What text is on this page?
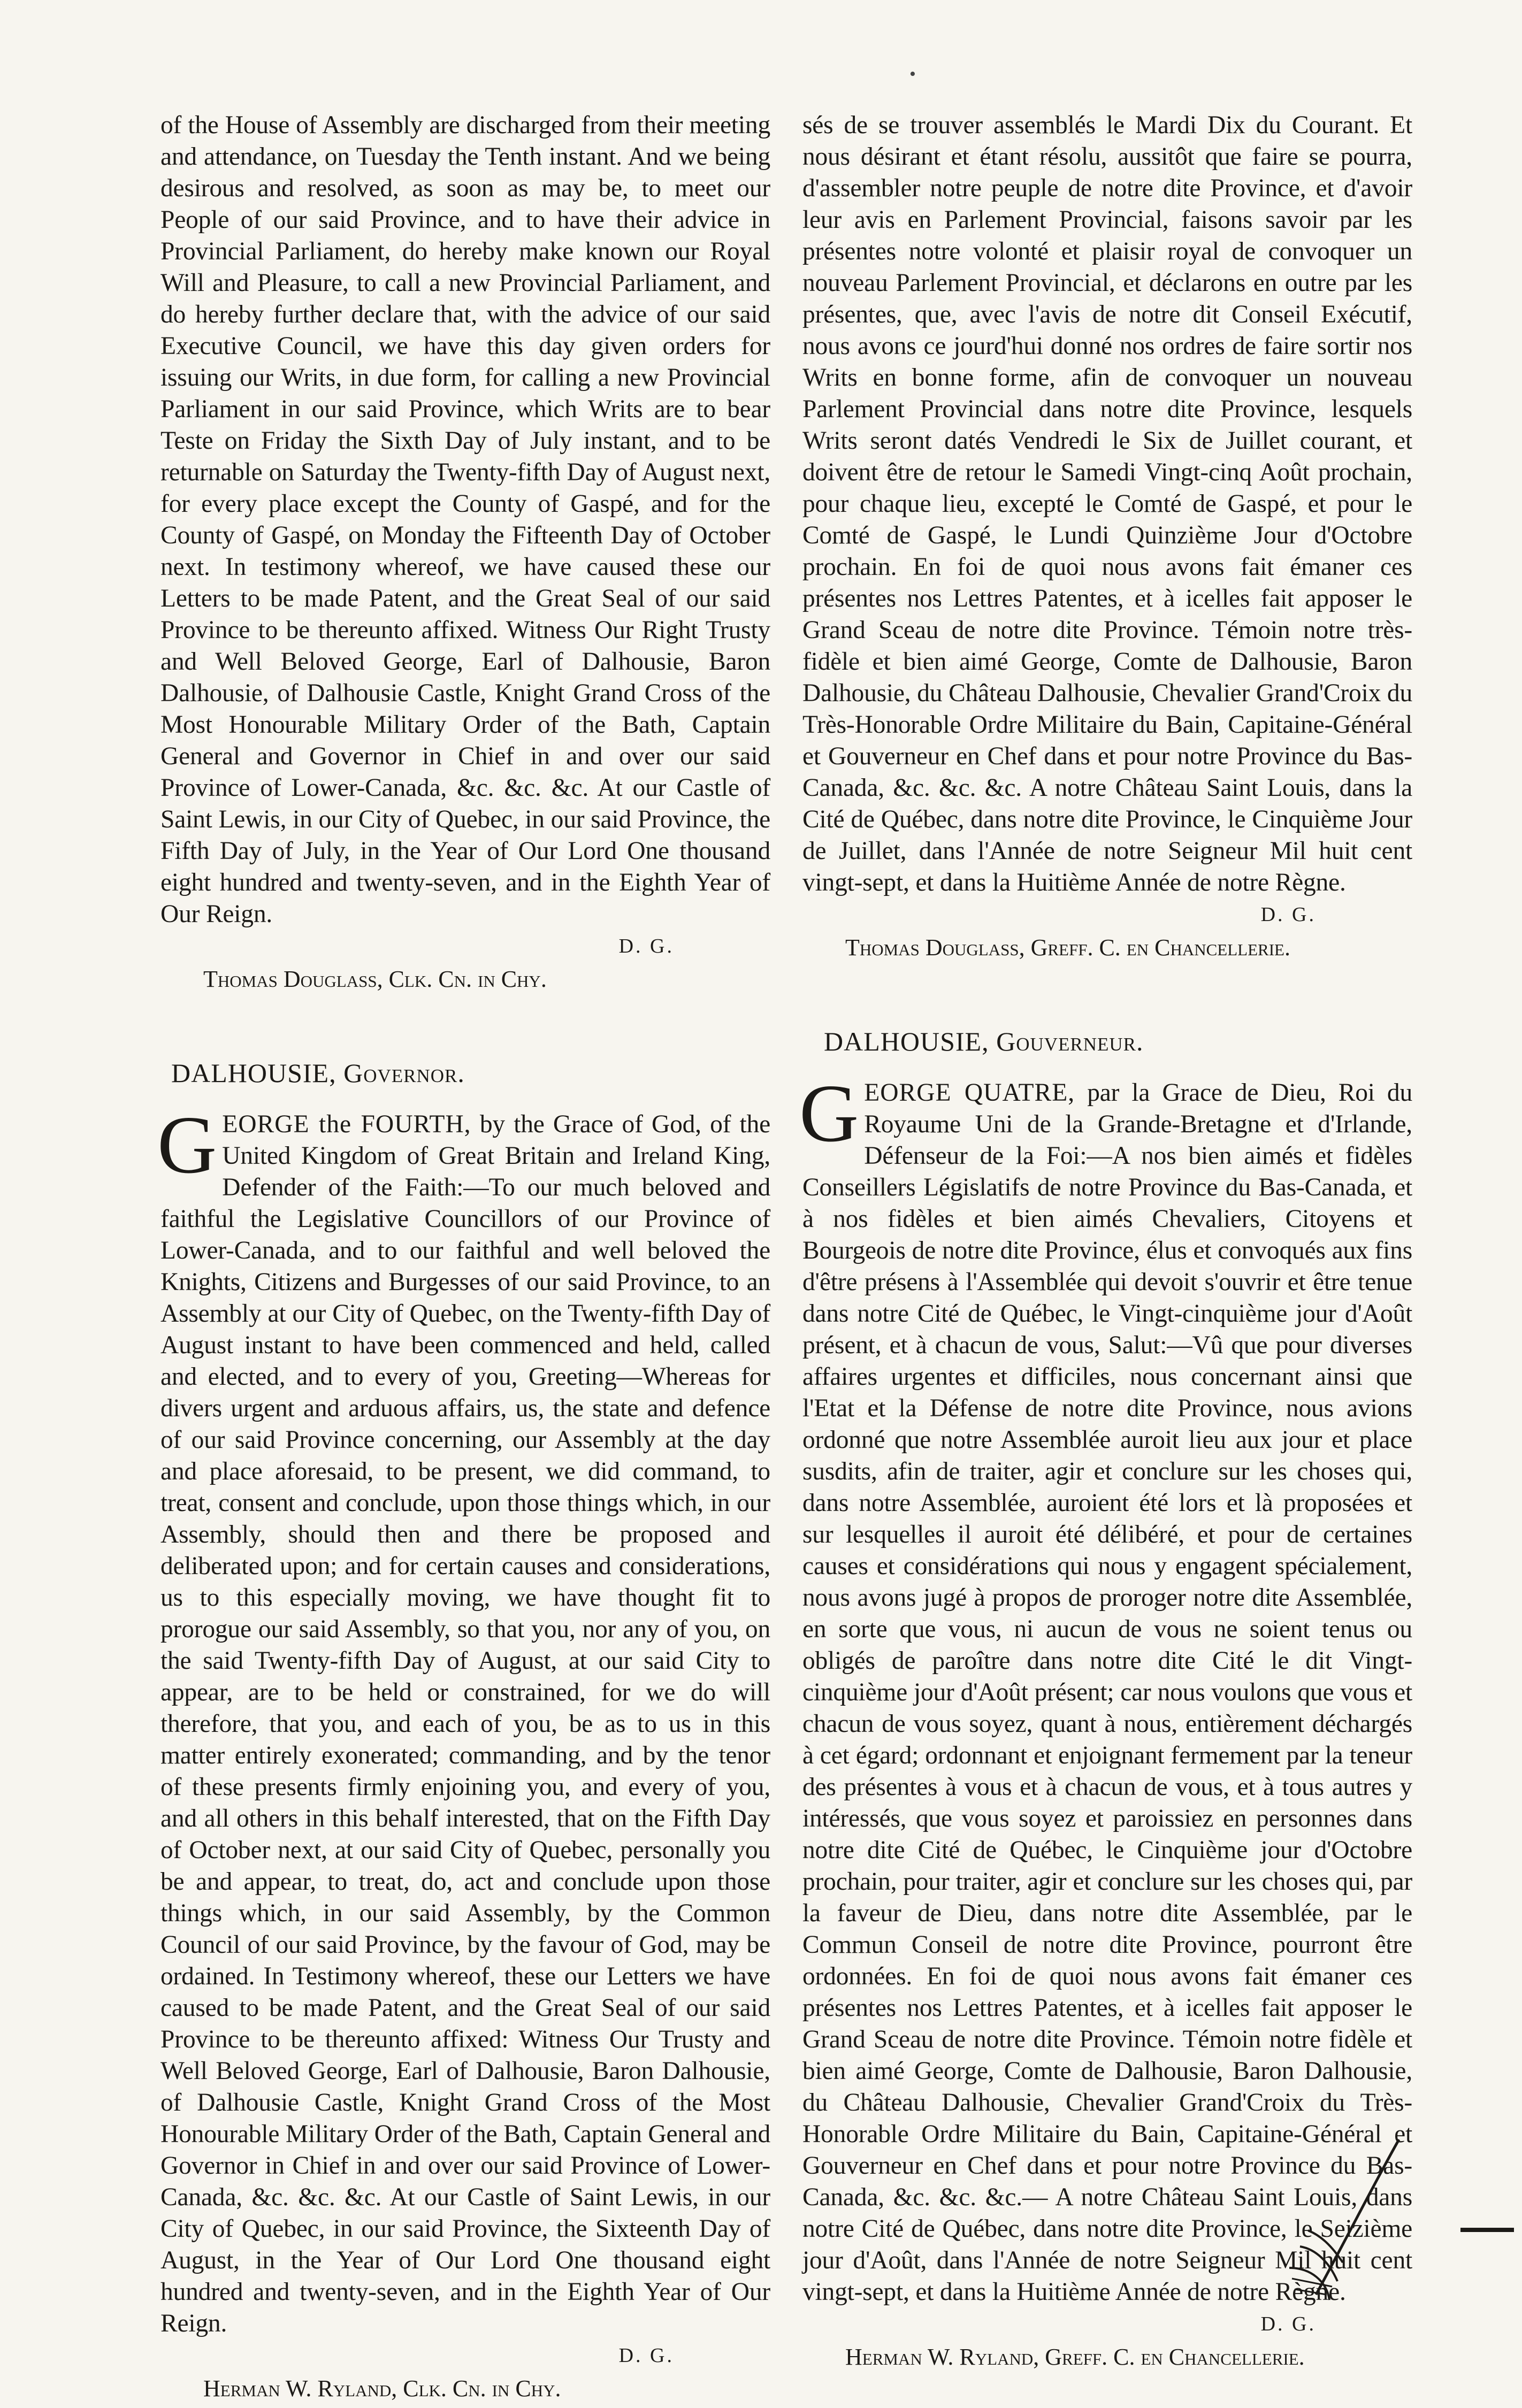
•

of the House of Assembly are discharged from their meeting and attendance, on Tuesday the Tenth instant. And we being desirous and resolved, as soon as may be, to meet our People of our said Province, and to have their advice in Provincial Parliament, do hereby make known our Royal Will and Pleasure, to call a new Provincial Parliament, and do hereby further declare that, with the advice of our said Executive Council, we have this day given orders for issuing our Writs, in due form, for calling a new Provincial Parliament in our said Province, which Writs are to bear Teste on Friday the Sixth Day of July instant, and to be returnable on Saturday the Twenty-fifth Day of August next, for every place except the County of Gaspé, and for the County of Gaspé, on Monday the Fifteenth Day of October next. In testimony whereof, we have caused these our Letters to be made Patent, and the Great Seal of our said Province to be thereunto affixed. Witness Our Right Trusty and Well Beloved George, Earl of Dalhousie, Baron Dalhousie, of Dalhousie Castle, Knight Grand Cross of the Most Honourable Military Order of the Bath, Captain General and Governor in Chief in and over our said Province of Lower-Canada, &c. &c. &c. At our Castle of Saint Lewis, in our City of Quebec, in our said Province, the Fifth Day of July, in the Year of Our Lord One thousand eight hundred and twenty-seven, and in the Eighth Year of Our Reign.

D. G.
Thomas Douglass, Clk. Cn. in Chy.
DALHOUSIE, Governor.
G EORGE the FOURTH, by the Grace of God, of the United Kingdom of Great Britain and Ireland King, Defender of the Faith:—To our much beloved and faithful the Legislative Councillors of our Province of Lower-Canada, and to our faithful and well beloved the Knights, Citizens and Burgesses of our said Province, to an Assembly at our City of Quebec, on the Twenty-fifth Day of August instant to have been commenced and held, called and elected, and to every of you, Greeting—Whereas for divers urgent and arduous affairs, us, the state and defence of our said Province concerning, our Assembly at the day and place aforesaid, to be present, we did command, to treat, consent and conclude, upon those things which, in our Assembly, should then and there be proposed and deliberated upon; and for certain causes and considerations, us to this especially moving, we have thought fit to prorogue our said Assembly, so that you, nor any of you, on the said Twenty-fifth Day of August, at our said City to appear, are to be held or constrained, for we do will therefore, that you, and each of you, be as to us in this matter entirely exonerated; commanding, and by the tenor of these presents firmly enjoining you, and every of you, and all others in this behalf interested, that on the Fifth Day of October next, at our said City of Quebec, personally you be and appear, to treat, do, act and conclude upon those things which, in our said Assembly, by the Common Council of our said Province, by the favour of God, may be ordained. In Testimony whereof, these our Letters we have caused to be made Patent, and the Great Seal of our said Province to be thereunto affixed: Witness Our Trusty and Well Beloved George, Earl of Dalhousie, Baron Dalhousie, of Dalhousie Castle, Knight Grand Cross of the Most Honourable Military Order of the Bath, Captain General and Governor in Chief in and over our said Province of Lower-Canada, &c. &c. &c. At our Castle of Saint Lewis, in our City of Quebec, in our said Province, the Sixteenth Day of August, in the Year of Our Lord One thousand eight hundred and twenty-seven, and in the Eighth Year of Our Reign.

D. G.
Herman W. Ryland, Clk. Cn. in Chy.

sés de se trouver assemblés le Mardi Dix du Courant. Et nous désirant et étant résolu, aussitôt que faire se pourra, d'assembler notre peuple de notre dite Province, et d'avoir leur avis en Parlement Provincial, faisons savoir par les présentes notre volonté et plaisir royal de convoquer un nouveau Parlement Provincial, et déclarons en outre par les présentes, que, avec l'avis de notre dit Conseil Exécutif, nous avons ce jourd'hui donné nos ordres de faire sortir nos Writs en bonne forme, afin de convoquer un nouveau Parlement Provincial dans notre dite Province, lesquels Writs seront datés Vendredi le Six de Juillet courant, et doivent être de retour le Samedi Vingt-cinq Août prochain, pour chaque lieu, excepté le Comté de Gaspé, et pour le Comté de Gaspé, le Lundi Quinzième Jour d'Octobre prochain. En foi de quoi nous avons fait émaner ces présentes nos Lettres Patentes, et à icelles fait apposer le Grand Sceau de notre dite Province. Témoin notre très-fidèle et bien aimé George, Comte de Dalhousie, Baron Dalhousie, du Château Dalhousie, Chevalier Grand'Croix du Très-Honorable Ordre Militaire du Bain, Capitaine-Général et Gouverneur en Chef dans et pour notre Province du Bas-Canada, &c. &c. &c. A notre Château Saint Louis, dans la Cité de Québec, dans notre dite Province, le Cinquième Jour de Juillet, dans l'Année de notre Seigneur Mil huit cent vingt-sept, et dans la Huitième Année de notre Règne.

D. G.
Thomas Douglass, Greff. C. en Chancellerie.
DALHOUSIE, Gouverneur.
G EORGE QUATRE, par la Grace de Dieu, Roi du Royaume Uni de la Grande-Bretagne et d'Irlande, Défenseur de la Foi:—A nos bien aimés et fidèles Conseillers Législatifs de notre Province du Bas-Canada, et à nos fidèles et bien aimés Chevaliers, Citoyens et Bourgeois de notre dite Province, élus et convoqués aux fins d'être présens à l'Assemblée qui devoit s'ouvrir et être tenue dans notre Cité de Québec, le Vingt-cinquième jour d'Août présent, et à chacun de vous, Salut:—Vû que pour diverses affaires urgentes et difficiles, nous concernant ainsi que l'Etat et la Défense de notre dite Province, nous avions ordonné que notre Assemblée auroit lieu aux jour et place susdits, afin de traiter, agir et conclure sur les choses qui, dans notre Assemblée, auroient été lors et là proposées et sur lesquelles il auroit été délibéré, et pour de certaines causes et considérations qui nous y engagent spécialement, nous avons jugé à propos de proroger notre dite Assemblée, en sorte que vous, ni aucun de vous ne soient tenus ou obligés de paroître dans notre dite Cité le dit Vingt-cinquième jour d'Août présent; car nous voulons que vous et chacun de vous soyez, quant à nous, entièrement déchargés à cet égard; ordonnant et enjoignant fermement par la teneur des présentes à vous et à chacun de vous, et à tous autres y intéressés, que vous soyez et paroissiez en personnes dans notre dite Cité de Québec, le Cinquième jour d'Octobre prochain, pour traiter, agir et conclure sur les choses qui, par la faveur de Dieu, dans notre dite Assemblée, par le Commun Conseil de notre dite Province, pourront être ordonnées. En foi de quoi nous avons fait émaner ces présentes nos Lettres Patentes, et à icelles fait apposer le Grand Sceau de notre dite Province. Témoin notre fidèle et bien aimé George, Comte de Dalhousie, Baron Dalhousie, du Château Dalhousie, Chevalier Grand'Croix du Très-Honorable Ordre Militaire du Bain, Capitaine-Général et Gouverneur en Chef dans et pour notre Province du Bas-Canada, &c. &c. &c.— A notre Château Saint Louis, dans notre Cité de Québec, dans notre dite Province, le Seizième jour d'Août, dans l'Année de notre Seigneur Mil huit cent vingt-sept, et dans la Huitième Année de notre Règne.

D. G.
Herman W. Ryland, Greff. C. en Chancellerie.
